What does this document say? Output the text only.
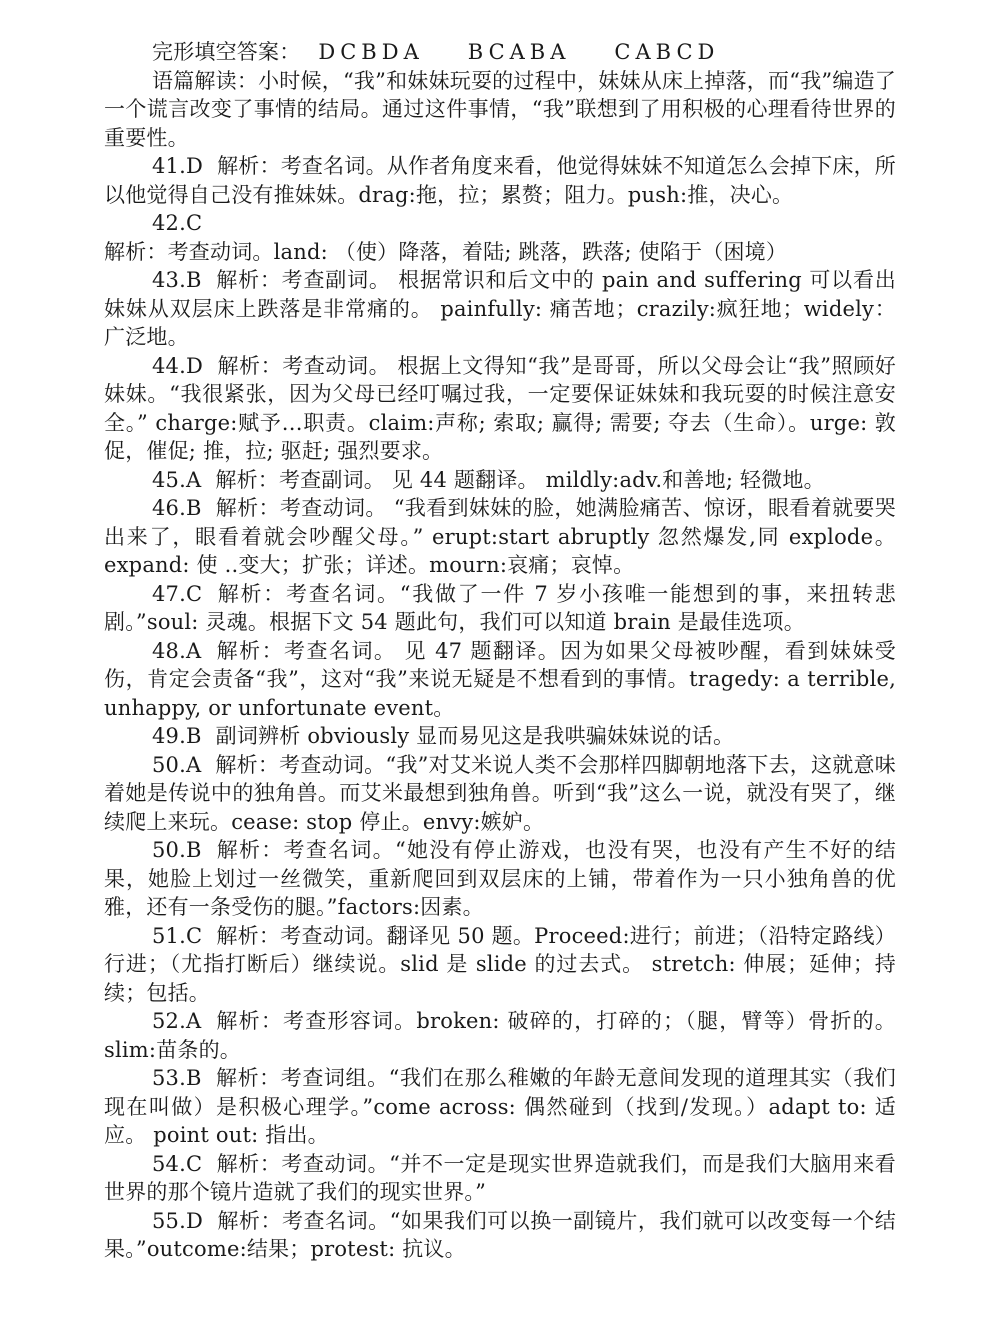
完形填空答案： DCBDA BCABA CABCD

语篇解读：小时候，“我”和妹妹玩耍的过程中，妹妹从床上掉落，而“我”编造了一个谎言改变了事情的结局。通过这件事情，“我”联想到了用积极的心理看待世界的重要性。

41.D 解析：考查名词。从作者角度来看，他觉得妹妹不知道怎么会掉下床，所以他觉得自己没有推妹妹。drag:拖，拉；累赘；阻力。push:推，决心。

42.C解析：考查动词。land: （使）降落，着陆; 跳落，跌落; 使陷于（困境）

43.B 解析：考查副词。 根据常识和后文中的 pain and suffering 可以看出妹妹从双层床上跌落是非常痛的。 painfully: 痛苦地；crazily:疯狂地；widely：广泛地。

44.D 解析：考查动词。 根据上文得知“我”是哥哥，所以父母会让“我”照顾好妹妹。“我很紧张，因为父母已经叮嘱过我，一定要保证妹妹和我玩耍的时候注意安全。” charge:赋予…职责。claim:声称; 索取; 赢得; 需要; 夺去（生命）。urge: 敦促，催促; 推，拉; 驱赶; 强烈要求。

45.A 解析：考查副词。 见 44 题翻译。 mildly:adv.和善地; 轻微地。

46.B 解析：考查动词。 “我看到妹妹的脸，她满脸痛苦、惊讶，眼看着就要哭出来了，眼看着就会吵醒父母。” erupt:start abruptly 忽然爆发,同 explode。expand: 使 ..变大；扩张；详述。mourn:哀痛；哀悼。

47.C 解析：考查名词。“我做了一件 7 岁小孩唯一能想到的事，来扭转悲剧。”soul: 灵魂。根据下文 54 题此句，我们可以知道 brain 是最佳选项。

48.A 解析：考查名词。 见 47 题翻译。因为如果父母被吵醒，看到妹妹受伤，肯定会责备“我”，这对“我”来说无疑是不想看到的事情。tragedy: a terrible, unhappy, or unfortunate event。

49.B 副词辨析 obviously 显而易见这是我哄骗妹妹说的话。

50.A 解析：考查动词。“我”对艾米说人类不会那样四脚朝地落下去，这就意味着她是传说中的独角兽。而艾米最想到独角兽。听到“我”这么一说，就没有哭了，继续爬上来玩。cease: stop 停止。envy:嫉妒。

50.B 解析：考查名词。“她没有停止游戏，也没有哭，也没有产生不好的结果，她脸上划过一丝微笑，重新爬回到双层床的上铺，带着作为一只小独角兽的优雅，还有一条受伤的腿。”factors:因素。

51.C 解析：考查动词。翻译见 50 题。Proceed:进行；前进；（沿特定路线）行进；（尤指打断后）继续说。slid 是 slide 的过去式。 stretch: 伸展；延伸；持续；包括。

52.A 解析：考查形容词。broken: 破碎的，打碎的；（腿，臂等）骨折的。slim:苗条的。

53.B 解析：考查词组。“我们在那么稚嫩的年龄无意间发现的道理其实（我们现在叫做）是积极心理学。”come across: 偶然碰到（找到/发现。）adapt to: 适应。 point out: 指出。

54.C 解析：考查动词。“并不一定是现实世界造就我们，而是我们大脑用来看世界的那个镜片造就了我们的现实世界。”

55.D 解析：考查名词。“如果我们可以换一副镜片，我们就可以改变每一个结果。”outcome:结果；protest: 抗议。
